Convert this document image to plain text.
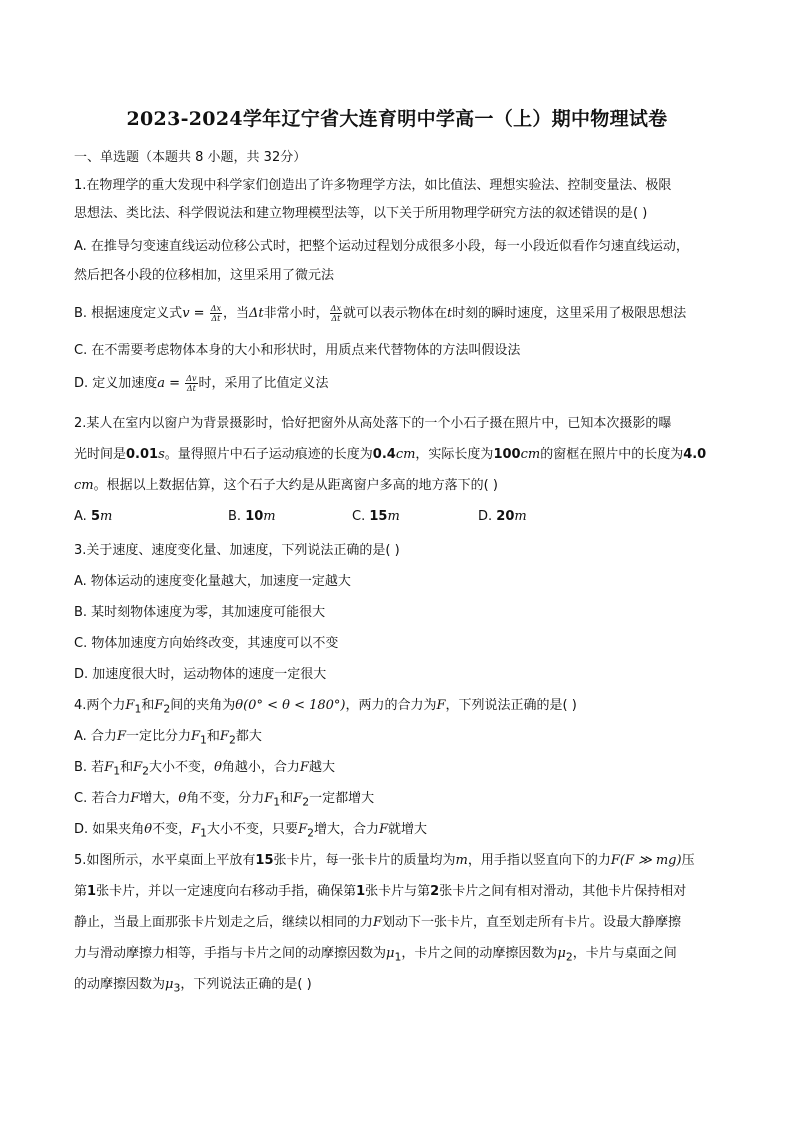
2023-2024学年辽宁省大连育明中学高一（上）期中物理试卷
一、单选题（本题共 8 小题，共 32分）
1.在物理学的重大发现中科学家们创造出了许多物理学方法，如比值法、理想实验法、控制变量法、极限
思想法、类比法、科学假说法和建立物理模型法等，以下关于所用物理学研究方法的叙述错误的是( )
A. 在推导匀变速直线运动位移公式时，把整个运动过程划分成很多小段，每一小段近似看作匀速直线运动，
然后把各小段的位移相加，这里采用了微元法
B. 根据速度定义式$v = \frac{\Delta x}{\Delta t}$ ，当Δt非常小时， $\frac{\Delta x}{\Delta t}$ 就可以表示物体在t时刻的瞬时速度，这里采用了极限思想法
C. 在不需要考虑物体本身的大小和形状时，用质点来代替物体的方法叫假设法
D. 定义加速度$a = \frac{\Delta v}{\Delta t}$ 时，采用了比值定义法
2.某人在室内以窗户为背景摄影时，恰好把窗外从高处落下的一个小石子摄在照片中，已知本次摄影的曝
光时间是0.01s。量得照片中石子运动痕迹的长度为0.4cm，实际长度为100cm的窗框在照片中的长度为4.0
cm。根据以上数据估算，这个石子大约是从距离窗户多高的地方落下的( )
A. 5m	B. 10m	C. 15m	D. 20m
3.关于速度、速度变化量、加速度，下列说法正确的是( )
A. 物体运动的速度变化量越大，加速度一定越大
B. 某时刻物体速度为零，其加速度可能很大
C. 物体加速度方向始终改变，其速度可以不变
D. 加速度很大时，运动物体的速度一定很大
4.两个力$F_1$和$F_2$间的夹角为θ(0° < θ < 180°)，两力的合力为F，下列说法正确的是( )
A. 合力F一定比分力$F_1$和$F_2$都大
B. 若$F_1$和$F_2$大小不变，θ角越小，合力F越大
C. 若合力F增大，θ角不变，分力$F_1$和$F_2$一定都增大
D. 如果夹角θ不变，$F_1$大小不变，只要$F_2$增大，合力F就增大
5.如图所示，水平桌面上平放有15张卡片，每一张卡片的质量均为m，用手指以竖直向下的力F(F ≫ mg)压
第1张卡片，并以一定速度向右移动手指，确保第1张卡片与第2张卡片之间有相对滑动，其他卡片保持相对
静止，当最上面那张卡片划走之后，继续以相同的力F划动下一张卡片，直至划走所有卡片。设最大静摩擦
力与滑动摩擦力相等，手指与卡片之间的动摩擦因数为$\mu_1$，卡片之间的动摩擦因数为$\mu_2$，卡片与桌面之间
的动摩擦因数为$\mu_3$，下列说法正确的是( )
